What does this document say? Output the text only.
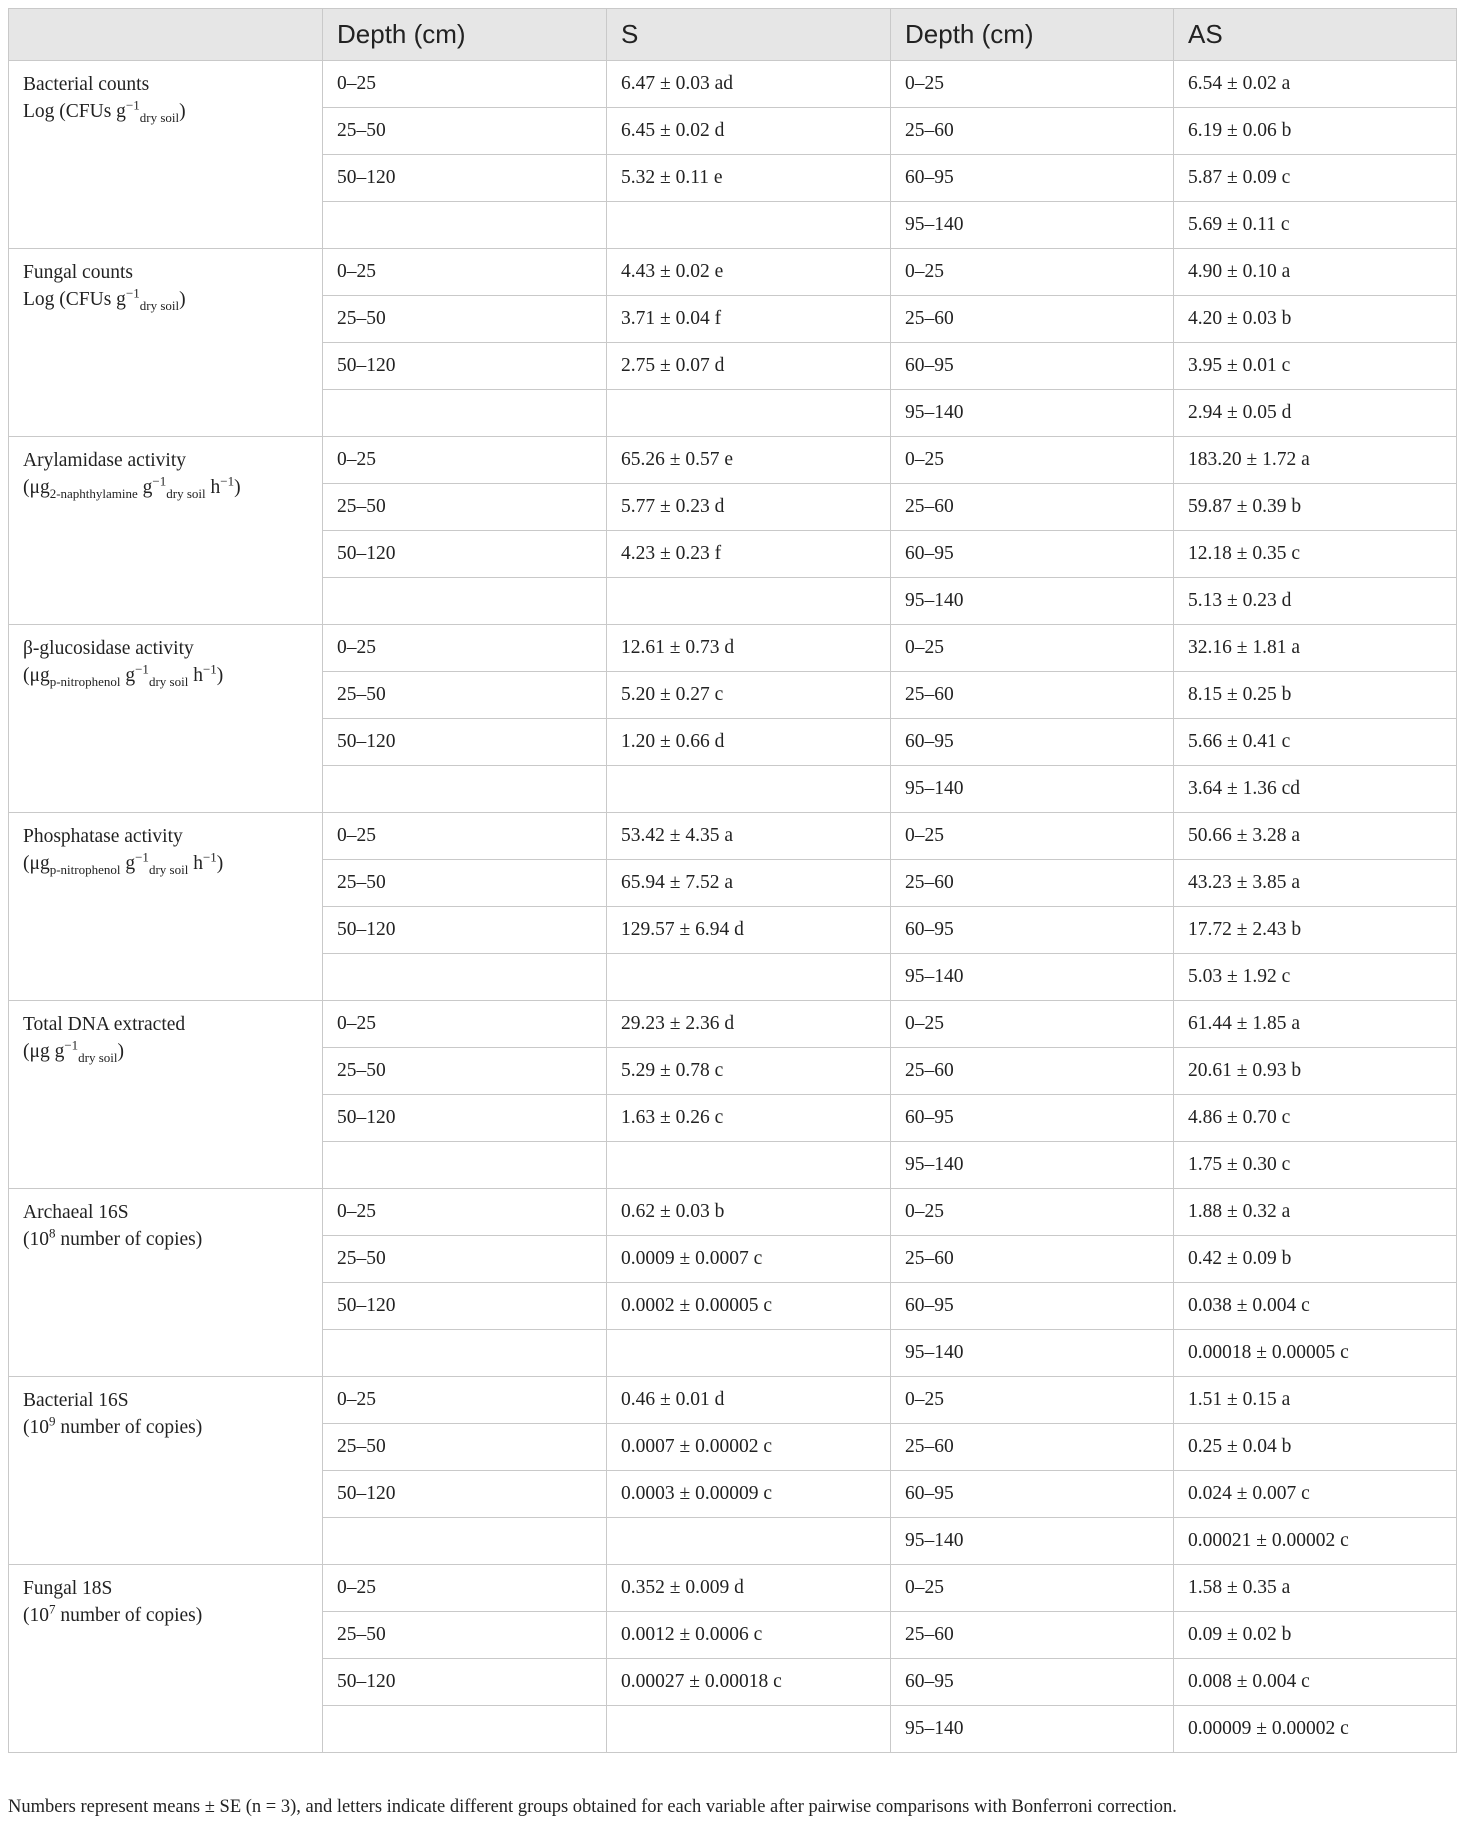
	Depth (cm)	S	Depth (cm)	AS

Bacterial counts
Log (CFUs $g^{-1}_{dry soil}$)	0–25	6.47 ± 0.03 ad	0–25	6.54 ± 0.02 a
	25–50	6.45 ± 0.02 d	25–60	6.19 ± 0.06 b
	50–120	5.32 ± 0.11 e	60–95	5.87 ± 0.09 c
			95–140	5.69 ± 0.11 c

Fungal counts
Log (CFUs $g^{-1}_{dry soil}$)	0–25	4.43 ± 0.02 e	0–25	4.90 ± 0.10 a
	25–50	3.71 ± 0.04 f	25–60	4.20 ± 0.03 b
	50–120	2.75 ± 0.07 d	60–95	3.95 ± 0.01 c
			95–140	2.94 ± 0.05 d

Arylamidase activity
($\mu g_{2-naphthylamine}$ $g^{-1}_{dry soil}$ $h^{-1}$)	0–25	65.26 ± 0.57 e	0–25	183.20 ± 1.72 a
	25–50	5.77 ± 0.23 d	25–60	59.87 ± 0.39 b
	50–120	4.23 ± 0.23 f	60–95	12.18 ± 0.35 c
			95–140	5.13 ± 0.23 d

β-glucosidase activity
($\mu g_{p-nitrophenol}$ $g^{-1}_{dry soil}$ $h^{-1}$)	0–25	12.61 ± 0.73 d	0–25	32.16 ± 1.81 a
	25–50	5.20 ± 0.27 c	25–60	8.15 ± 0.25 b
	50–120	1.20 ± 0.66 d	60–95	5.66 ± 0.41 c
			95–140	3.64 ± 1.36 cd

Phosphatase activity
($\mu g_{p-nitrophenol}$ $g^{-1}_{dry soil}$ $h^{-1}$)	0–25	53.42 ± 4.35 a	0–25	50.66 ± 3.28 a
	25–50	65.94 ± 7.52 a	25–60	43.23 ± 3.85 a
	50–120	129.57 ± 6.94 d	60–95	17.72 ± 2.43 b
			95–140	5.03 ± 1.92 c

Total DNA extracted
(μg $g^{-1}_{dry soil}$)	0–25	29.23 ± 2.36 d	0–25	61.44 ± 1.85 a
	25–50	5.29 ± 0.78 c	25–60	20.61 ± 0.93 b
	50–120	1.63 ± 0.26 c	60–95	4.86 ± 0.70 c
			95–140	1.75 ± 0.30 c

Archaeal 16S
($10^8$ number of copies)	0–25	0.62 ± 0.03 b	0–25	1.88 ± 0.32 a
	25–50	0.0009 ± 0.0007 c	25–60	0.42 ± 0.09 b
	50–120	0.0002 ± 0.00005 c	60–95	0.038 ± 0.004 c
			95–140	0.00018 ± 0.00005 c

Bacterial 16S
($10^9$ number of copies)	0–25	0.46 ± 0.01 d	0–25	1.51 ± 0.15 a
	25–50	0.0007 ± 0.00002 c	25–60	0.25 ± 0.04 b
	50–120	0.0003 ± 0.00009 c	60–95	0.024 ± 0.007 c
			95–140	0.00021 ± 0.00002 c

Fungal 18S
($10^7$ number of copies)	0–25	0.352 ± 0.009 d	0–25	1.58 ± 0.35 a
	25–50	0.0012 ± 0.0006 c	25–60	0.09 ± 0.02 b
	50–120	0.00027 ± 0.00018 c	60–95	0.008 ± 0.004 c
			95–140	0.00009 ± 0.00002 c
Numbers represent means ± SE (n = 3), and letters indicate different groups obtained for each variable after pairwise comparisons with Bonferroni correction.
